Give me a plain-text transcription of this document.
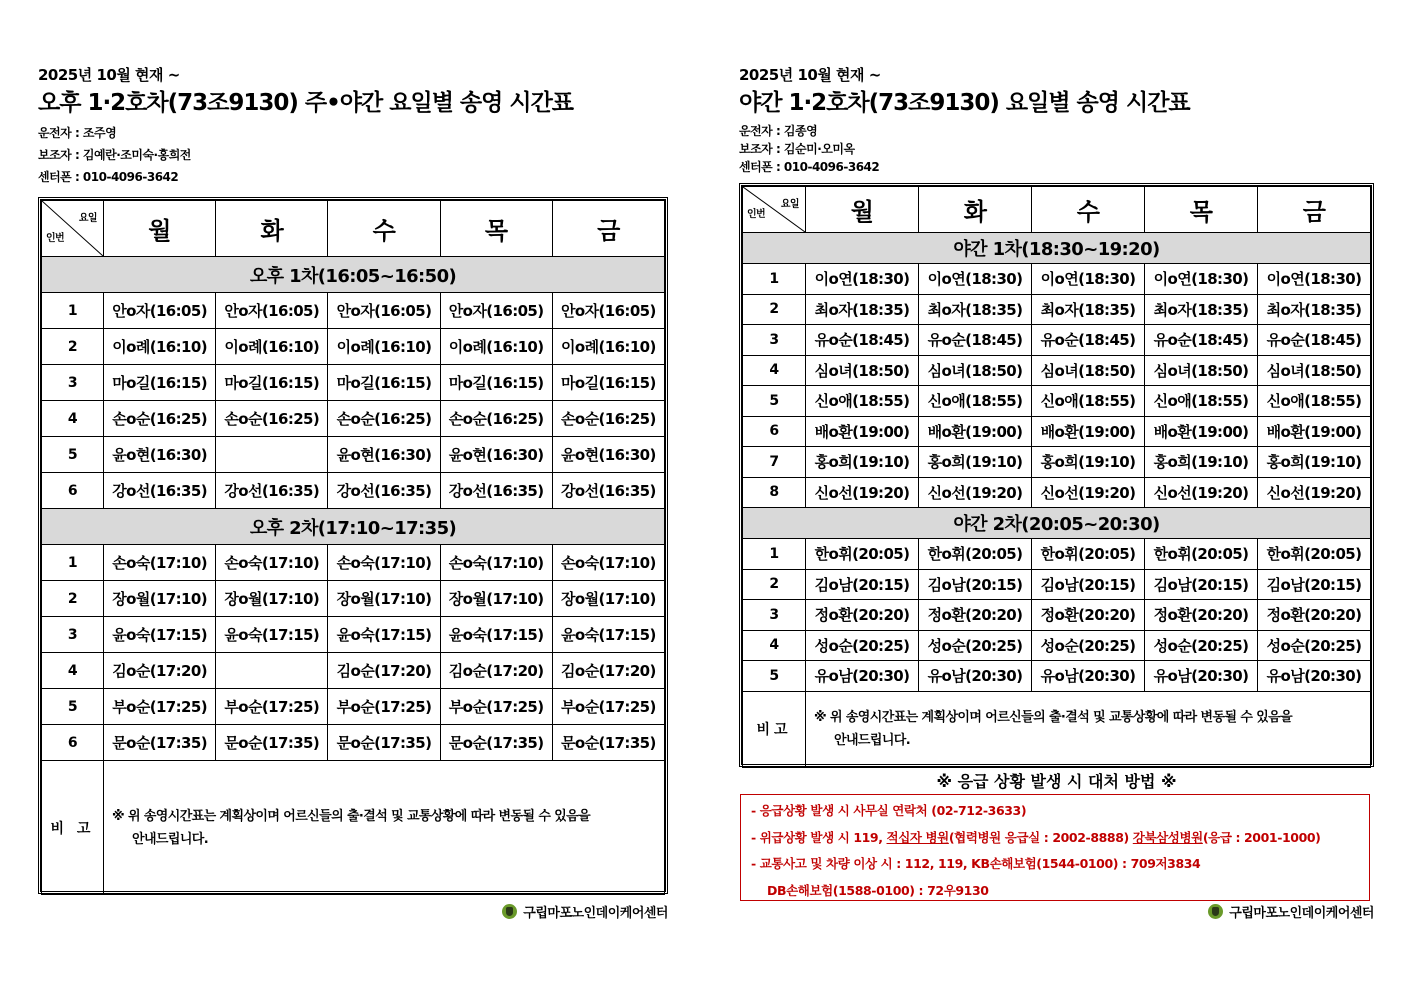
2025년 10월 현재 ~
오후 1·2호차(73조9130) 주•야간 요일별 송영 시간표
운전자 : 조주영
보조자 : 김예란·조미숙·홍희전
센터폰 : 010-4096-3642
요일
인번	월	화	수	목	금
오후 1차(16:05~16:50)					
1	안o자(16:05)	안o자(16:05)	안o자(16:05)	안o자(16:05)	안o자(16:05)
2	이o례(16:10)	이o례(16:10)	이o례(16:10)	이o례(16:10)	이o례(16:10)
3	마o길(16:15)	마o길(16:15)	마o길(16:15)	마o길(16:15)	마o길(16:15)
4	손o순(16:25)	손o순(16:25)	손o순(16:25)	손o순(16:25)	손o순(16:25)
5	윤o현(16:30)		윤o현(16:30)	윤o현(16:30)	윤o현(16:30)
6	강o선(16:35)	강o선(16:35)	강o선(16:35)	강o선(16:35)	강o선(16:35)
오후 2차(17:10~17:35)					
1	손o숙(17:10)	손o숙(17:10)	손o숙(17:10)	손o숙(17:10)	손o숙(17:10)
2	장o월(17:10)	장o월(17:10)	장o월(17:10)	장o월(17:10)	장o월(17:10)
3	윤o숙(17:15)	윤o숙(17:15)	윤o숙(17:15)	윤o숙(17:15)	윤o숙(17:15)
4	김o순(17:20)		김o순(17:20)	김o순(17:20)	김o순(17:20)
5	부o순(17:25)	부o순(17:25)	부o순(17:25)	부o순(17:25)	부o순(17:25)
6	문o순(17:35)	문o순(17:35)	문o순(17:35)	문o순(17:35)	문o순(17:35)
비 고	※ 위 송영시간표는 계획상이며 어르신들의 출·결석 및 교통상황에 따라 변동될 수 있음을
안내드립니다.				
구립마포노인데이케어센터
2025년 10월 현재 ~
야간 1·2호차(73조9130) 요일별 송영 시간표
운전자 : 김종영
보조자 : 김순미·오미옥
센터폰 : 010-4096-3642
요일
인번	월	화	수	목	금
야간 1차(18:30~19:20)					
1	이o연(18:30)	이o연(18:30)	이o연(18:30)	이o연(18:30)	이o연(18:30)
2	최o자(18:35)	최o자(18:35)	최o자(18:35)	최o자(18:35)	최o자(18:35)
3	유o순(18:45)	유o순(18:45)	유o순(18:45)	유o순(18:45)	유o순(18:45)
4	심o녀(18:50)	심o녀(18:50)	심o녀(18:50)	심o녀(18:50)	심o녀(18:50)
5	신o애(18:55)	신o애(18:55)	신o애(18:55)	신o애(18:55)	신o애(18:55)
6	배o환(19:00)	배o환(19:00)	배o환(19:00)	배o환(19:00)	배o환(19:00)
7	홍o희(19:10)	홍o희(19:10)	홍o희(19:10)	홍o희(19:10)	홍o희(19:10)
8	신o선(19:20)	신o선(19:20)	신o선(19:20)	신o선(19:20)	신o선(19:20)
야간 2차(20:05~20:30)					
1	한o휘(20:05)	한o휘(20:05)	한o휘(20:05)	한o휘(20:05)	한o휘(20:05)
2	김o남(20:15)	김o남(20:15)	김o남(20:15)	김o남(20:15)	김o남(20:15)
3	정o환(20:20)	정o환(20:20)	정o환(20:20)	정o환(20:20)	정o환(20:20)
4	성o순(20:25)	성o순(20:25)	성o순(20:25)	성o순(20:25)	성o순(20:25)
5	유o남(20:30)	유o남(20:30)	유o남(20:30)	유o남(20:30)	유o남(20:30)
비고	※ 위 송영시간표는 계획상이며 어르신들의 출·결석 및 교통상황에 따라 변동될 수 있음을
안내드립니다.				
※ 응급 상황 발생 시 대처 방법 ※
- 응급상황 발생 시 사무실 연락처 (02-712-3633)
- 위급상황 발생 시 119, 적십자 병원(협력병원 응급실 : 2002-8888) 강북삼성병원(응급 : 2001-1000)
- 교통사고 및 차량 이상 시 : 112, 119, KB손해보험(1544-0100) : 709저3834
DB손해보험(1588-0100) : 72우9130
구립마포노인데이케어센터
